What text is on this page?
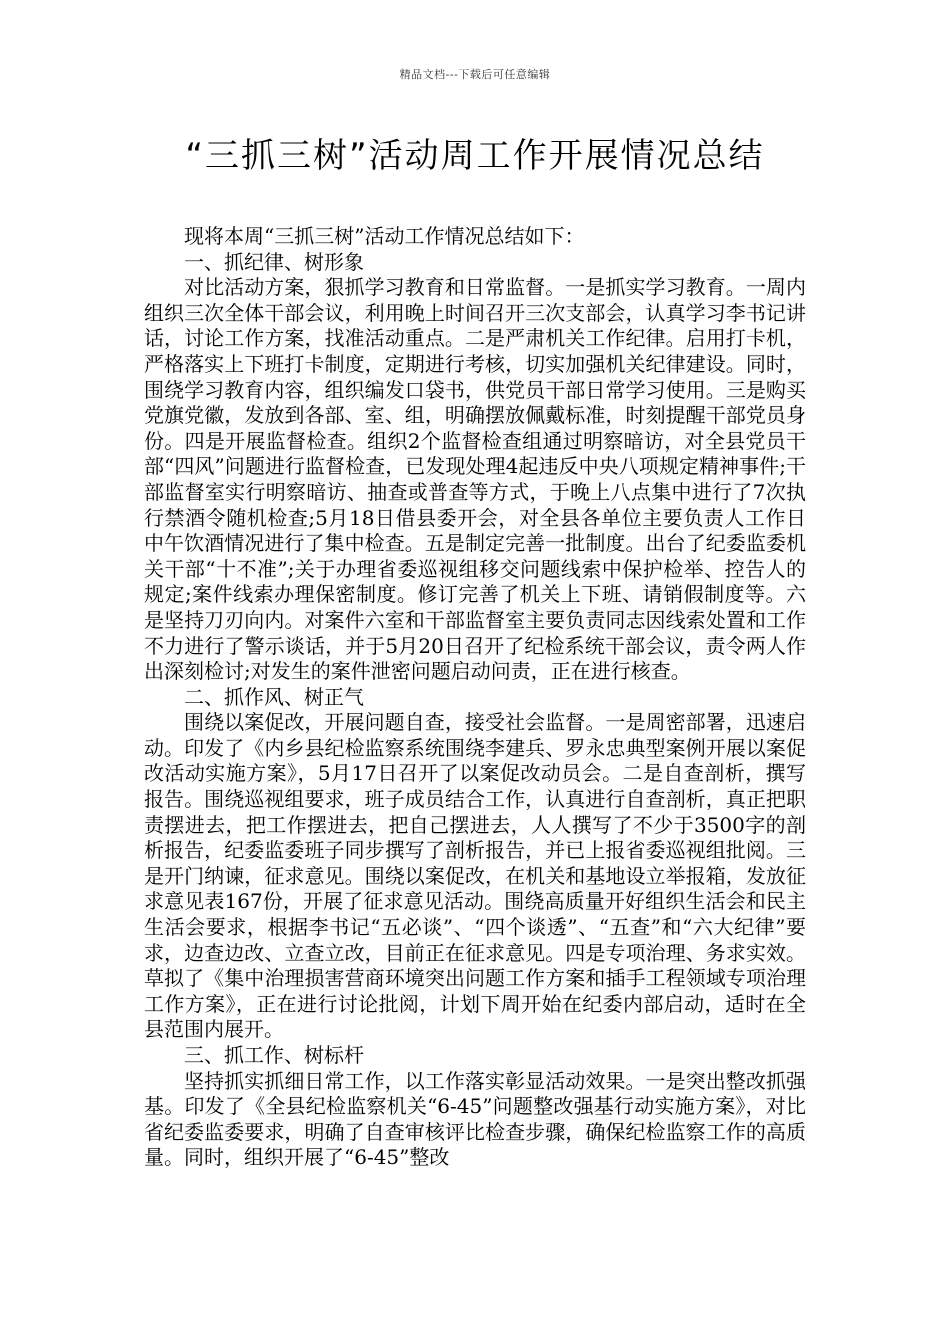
精品文档---下载后可任意编辑
“三抓三树”活动周工作开展情况总结

现将本周“三抓三树”活动工作情况总结如下：

一、抓纪律、树形象

对比活动方案，狠抓学习教育和日常监督。一是抓实学习教育。一周内组织三次全体干部会议，利用晚上时间召开三次支部会，认真学习李书记讲话，讨论工作方案，找准活动重点。二是严肃机关工作纪律。启用打卡机，严格落实上下班打卡制度，定期进行考核，切实加强机关纪律建设。同时，围绕学习教育内容，组织编发口袋书，供党员干部日常学习使用。三是购买党旗党徽，发放到各部、室、组，明确摆放佩戴标准，时刻提醒干部党员身份。四是开展监督检查。组织2个监督检查组通过明察暗访，对全县党员干部“四风”问题进行监督检查，已发现处理4起违反中央八项规定精神事件;干部监督室实行明察暗访、抽查或普查等方式，于晚上八点集中进行了7次执行禁酒令随机检查;5月18日借县委开会，对全县各单位主要负责人工作日中午饮酒情况进行了集中检查。五是制定完善一批制度。出台了纪委监委机关干部“十不准”;关于办理省委巡视组移交问题线索中保护检举、控告人的规定;案件线索办理保密制度。修订完善了机关上下班、请销假制度等。六是坚持刀刃向内。对案件六室和干部监督室主要负责同志因线索处置和工作不力进行了警示谈话，并于5月20日召开了纪检系统干部会议，责令两人作出深刻检讨;对发生的案件泄密问题启动问责，正在进行核查。

二、抓作风、树正气

围绕以案促改，开展问题自查，接受社会监督。一是周密部署，迅速启动。印发了《内乡县纪检监察系统围绕李建兵、罗永忠典型案例开展以案促改活动实施方案》，5月17日召开了以案促改动员会。二是自查剖析，撰写报告。围绕巡视组要求，班子成员结合工作，认真进行自查剖析，真正把职责摆进去，把工作摆进去，把自己摆进去，人人撰写了不少于3500字的剖析报告，纪委监委班子同步撰写了剖析报告，并已上报省委巡视组批阅。三是开门纳谏，征求意见。围绕以案促改，在机关和基地设立举报箱，发放征求意见表167份，开展了征求意见活动。围绕高质量开好组织生活会和民主生活会要求，根据李书记“五必谈”、“四个谈透”、“五查”和“六大纪律”要求，边查边改、立查立改，目前正在征求意见。四是专项治理、务求实效。草拟了《集中治理损害营商环境突出问题工作方案和插手工程领域专项治理工作方案》，正在进行讨论批阅，计划下周开始在纪委内部启动，适时在全县范围内展开。

三、抓工作、树标杆

坚持抓实抓细日常工作，以工作落实彰显活动效果。一是突出整改抓强基。印发了《全县纪检监察机关“6-45”问题整改强基行动实施方案》，对比省纪委监委要求，明确了自查审核评比检查步骤，确保纪检监察工作的高质量。同时，组织开展了“6-45”整改
